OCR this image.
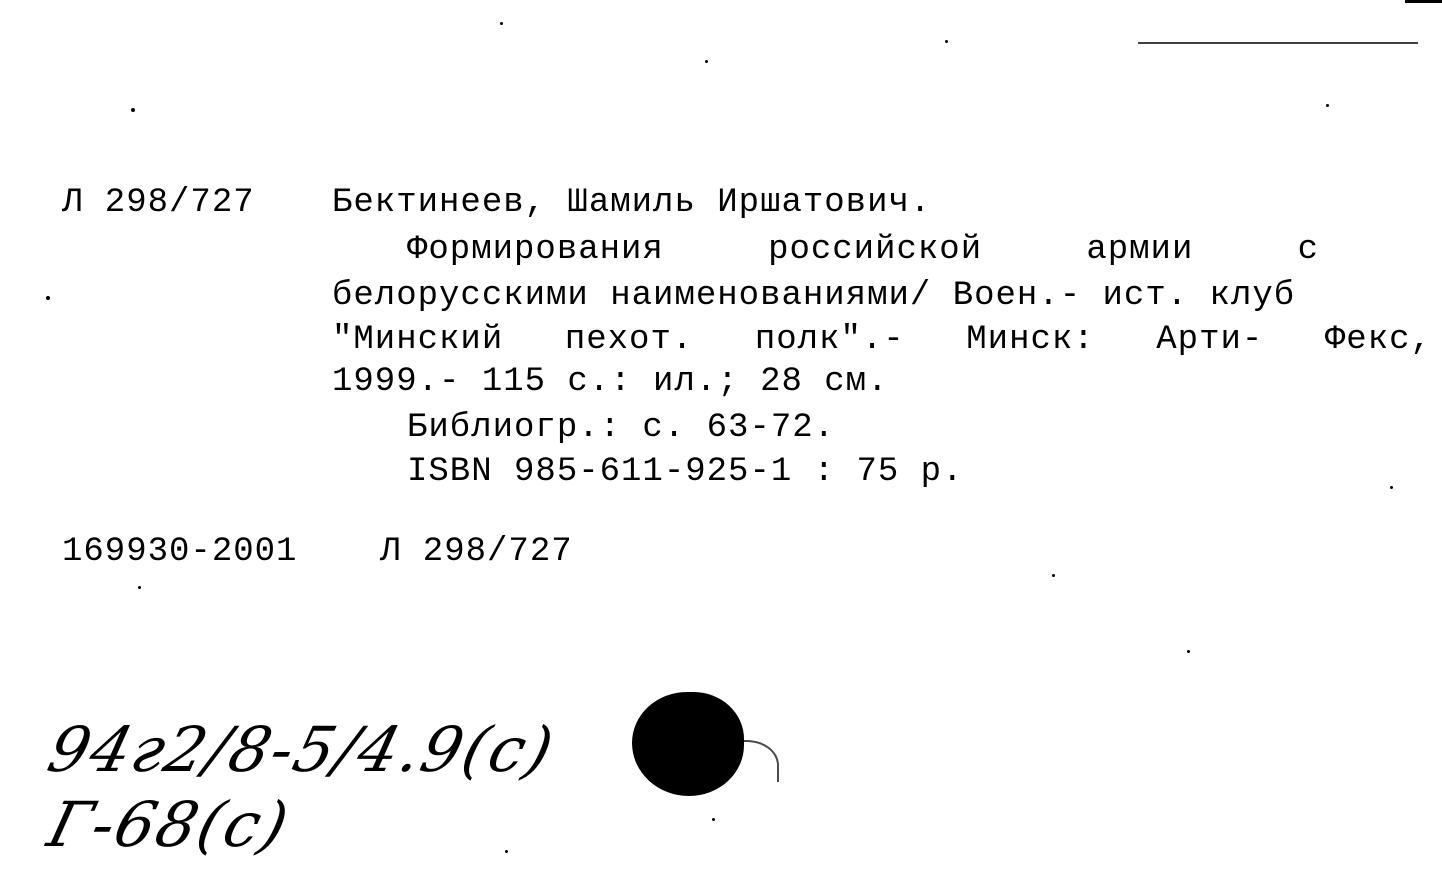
Л 298/727 Бектинеев, Шамиль Иршатович.
Формирования	российской	армии	с
белорусскими наименованиями/ Воен.- ист. клуб
"Минский пехот. полк".- Минск: Арти- Фекс,
1999.- 115 с.: ил.; 28 см.
Библиогр.: с. 63-72.
ISBN 985-611-925-1 : 75 р.
169930-2001 Л 298/727
94г2/8-5/4.9(с)
Г-68(с)
